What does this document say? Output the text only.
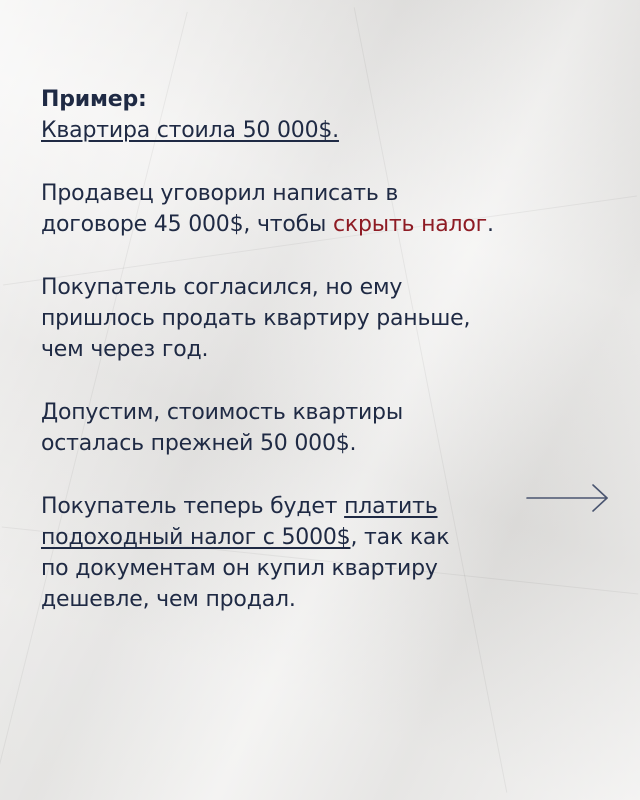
Пример:
Квартира стоила 50 000$.
Продавец уговорил написать в
договоре 45 000$, чтобы скрыть налог.
Покупатель согласился, но ему
пришлось продать квартиру раньше,
чем через год.
Допустим, стоимость квартиры
осталась прежней 50 000$.
Покупатель теперь будет платить
подоходный налог с 5000$, так как
по документам он купил квартиру
дешевле, чем продал.
